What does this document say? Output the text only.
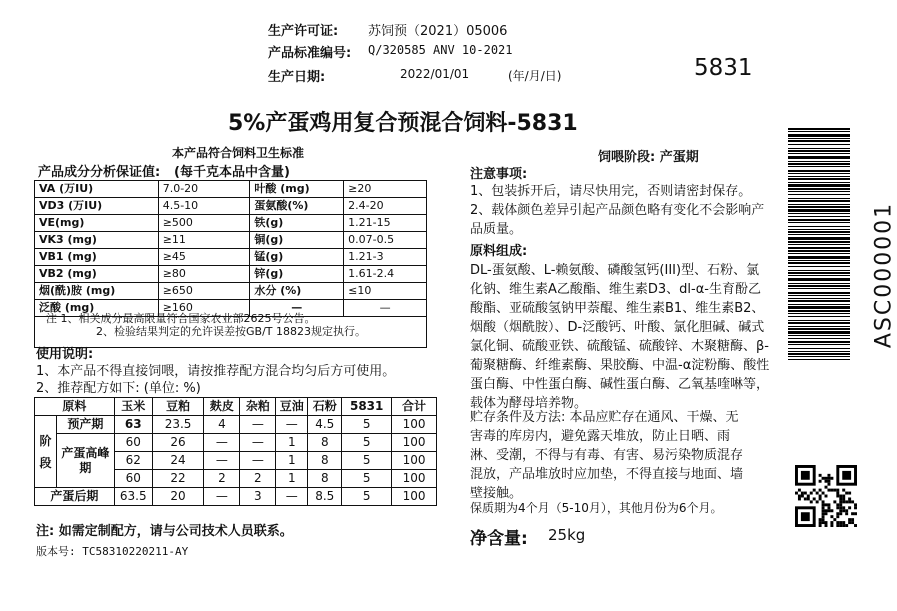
生产许可证: 苏饲预（2021）05006
产品标准编号: Q/320585 ANV 10-2021
生产日期:	2022/01/01	(年/月/日)	5831
5%产蛋鸡用复合预混合饲料-5831
本产品符合饲料卫生标准
产品成分分析保证值: (每千克本品中含量)
VA (万IU)	7.0-20	叶酸 (mg)	≥20
VD3 (万IU)	4.5-10	蛋氨酸(%)	2.4-20
VE(mg)	≥500	铁(g)	1.21-15
VK3 (mg)	≥11	铜(g)	0.07-0.5
VB1 (mg)	≥45	锰(g)	1.21-3
VB2 (mg)	≥80	锌(g)	1.61-2.4
烟(酰)胺 (mg)	≥650	水分 (%)	≤10
泛酸 (mg)	≥160	—	—

注 1、相关成分最高限量符合国家农业部2625号公告。
2、检验结果判定的允许误差按GB/T 18823规定执行。
使用说明:
1、本产品不得直接饲喂，请按推荐配方混合均匀后方可使用。
2、推荐配方如下: (单位: %)
原料		玉米	豆粕	麸皮	杂粕	豆油	石粉	5831	合计
阶段	预产期	63	23.5	4	—	—	4.5	5	100
	产蛋高峰期	60	26	—	—	1	8	5	100
		62	24	—	—	1	8	5	100
		60	22	2	2	1	8	5	100
产蛋后期		63.5	20	—	3	—	8.5	5	100
注: 如需定制配方，请与公司技术人员联系。
版本号: TC58310220211-AY
饲喂阶段: 产蛋期
注意事项:
1、包装拆开后，请尽快用完，否则请密封保存。
2、载体颜色差异引起产品颜色略有变化不会影响产品质量。
原料组成:
DL-蛋氨酸、L-赖氨酸、磷酸氢钙(III)型、石粉、氯化钠、维生素A乙酸酯、维生素D3、dl-α-生育酚乙酸酯、亚硫酸氢钠甲萘醌、维生素B1、维生素B2、烟酸（烟酰胺）、D-泛酸钙、叶酸、氯化胆碱、碱式氯化铜、硫酸亚铁、硫酸锰、硫酸锌、木聚糖酶、β-葡聚糖酶、纤维素酶、果胶酶、中温-α淀粉酶、酸性蛋白酶、中性蛋白酶、碱性蛋白酶、乙氧基喹啉等，载体为酵母培养物。
贮存条件及方法: 本品应贮存在通风、干燥、无害毒的库房内，避免露天堆放，防止日晒、雨淋、受潮，不得与有毒、有害、易污染物质混存混放，产品堆放时应加垫，不得直接与地面、墙壁接触。
保质期为4个月（5-10月），其他月份为6个月。
净含量: 25kg
ASC000001
